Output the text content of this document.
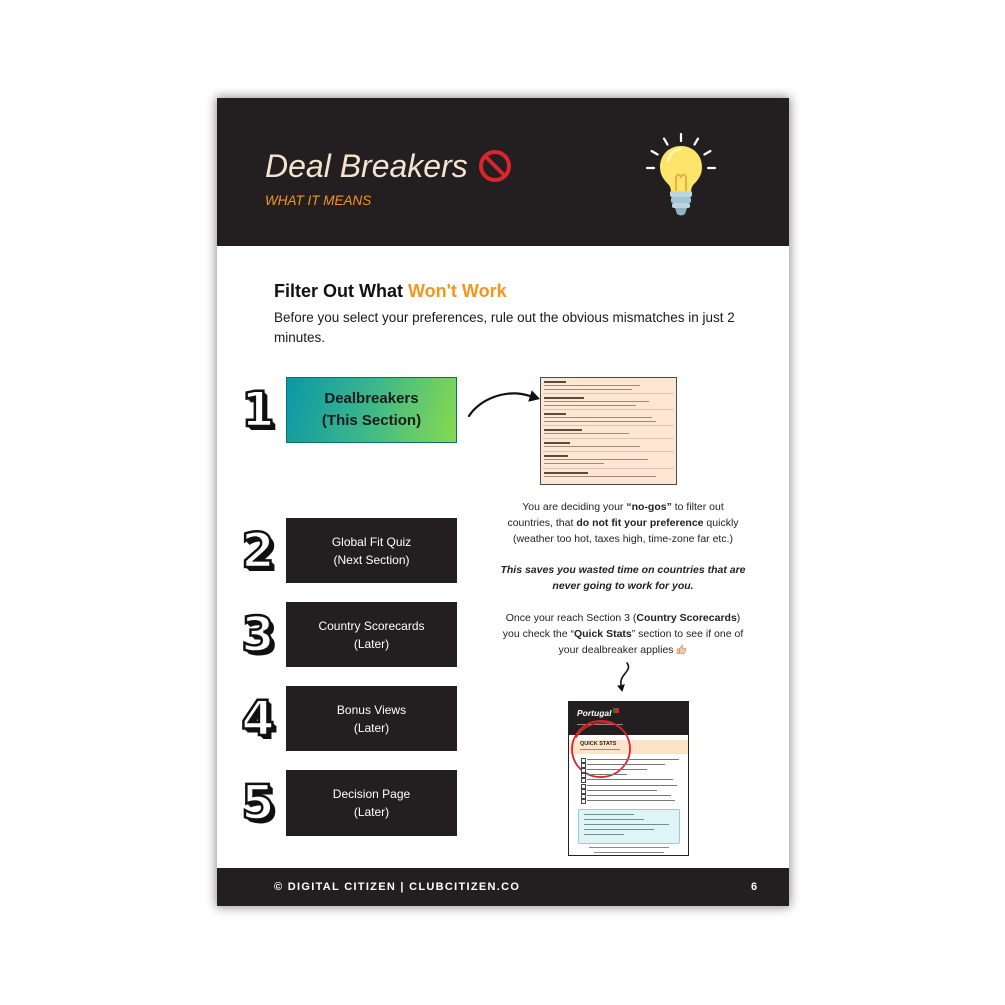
Deal Breakers
WHAT IT MEANS
Filter Out What Won't Work

Before you select your preferences, rule out the obvious mismatches in just 2 minutes.

1	Dealbreakers
(This Section)
2	Global Fit Quiz
(Next Section)
3	Country Scorecards
(Later)
4	Bonus Views
(Later)
5	Decision Page
(Later)

You are deciding your “no-gos” to filter out countries, that do not fit your preference quickly (weather too hot, taxes high, time-zone far etc.)

This saves you wasted time on countries that are never going to work for you.

Once your reach Section 3 (Country Scorecards) you check the “Quick Stats” section to see if one of your dealbreaker applies

Portugal
QUICK STATS
© DIGITAL CITIZEN | CLUBCITIZEN.CO	6
